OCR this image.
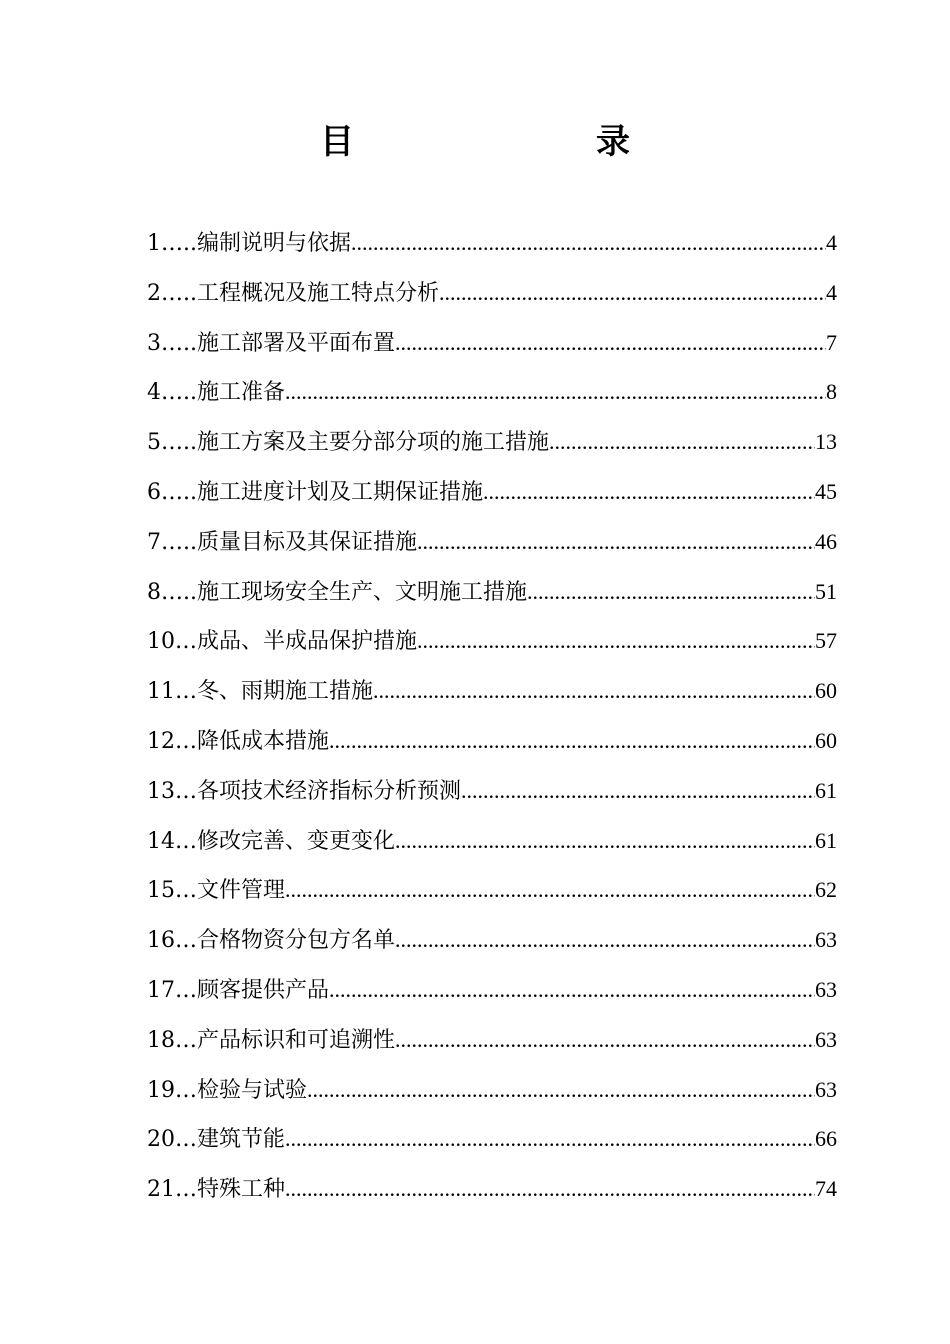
目　　录
1…..编制说明与依据 .....	4
2…..工程概况及施工特点分析 .....	4
3…..施工部署及平面布置 .....	7
4…..施工准备 .....	8
5…..施工方案及主要分部分项的施工措施 .....	13
6…..施工进度计划及工期保证措施 .....	45
7…..质量目标及其保证措施 .....	46
8…..施工现场安全生产、文明施工措施 .....	51
10…成品、半成品保护措施 .....	57
11…冬、雨期施工措施 .....	60
12…降低成本措施 .....	60
13…各项技术经济指标分析预测 .....	61
14…修改完善、变更变化 .....	61
15…文件管理 .....	62
16…合格物资分包方名单 .....	63
17…顾客提供产品 .....	63
18…产品标识和可追溯性 .....	63
19…检验与试验 .....	63
20…建筑节能 .....	66
21…特殊工种 .....	74
